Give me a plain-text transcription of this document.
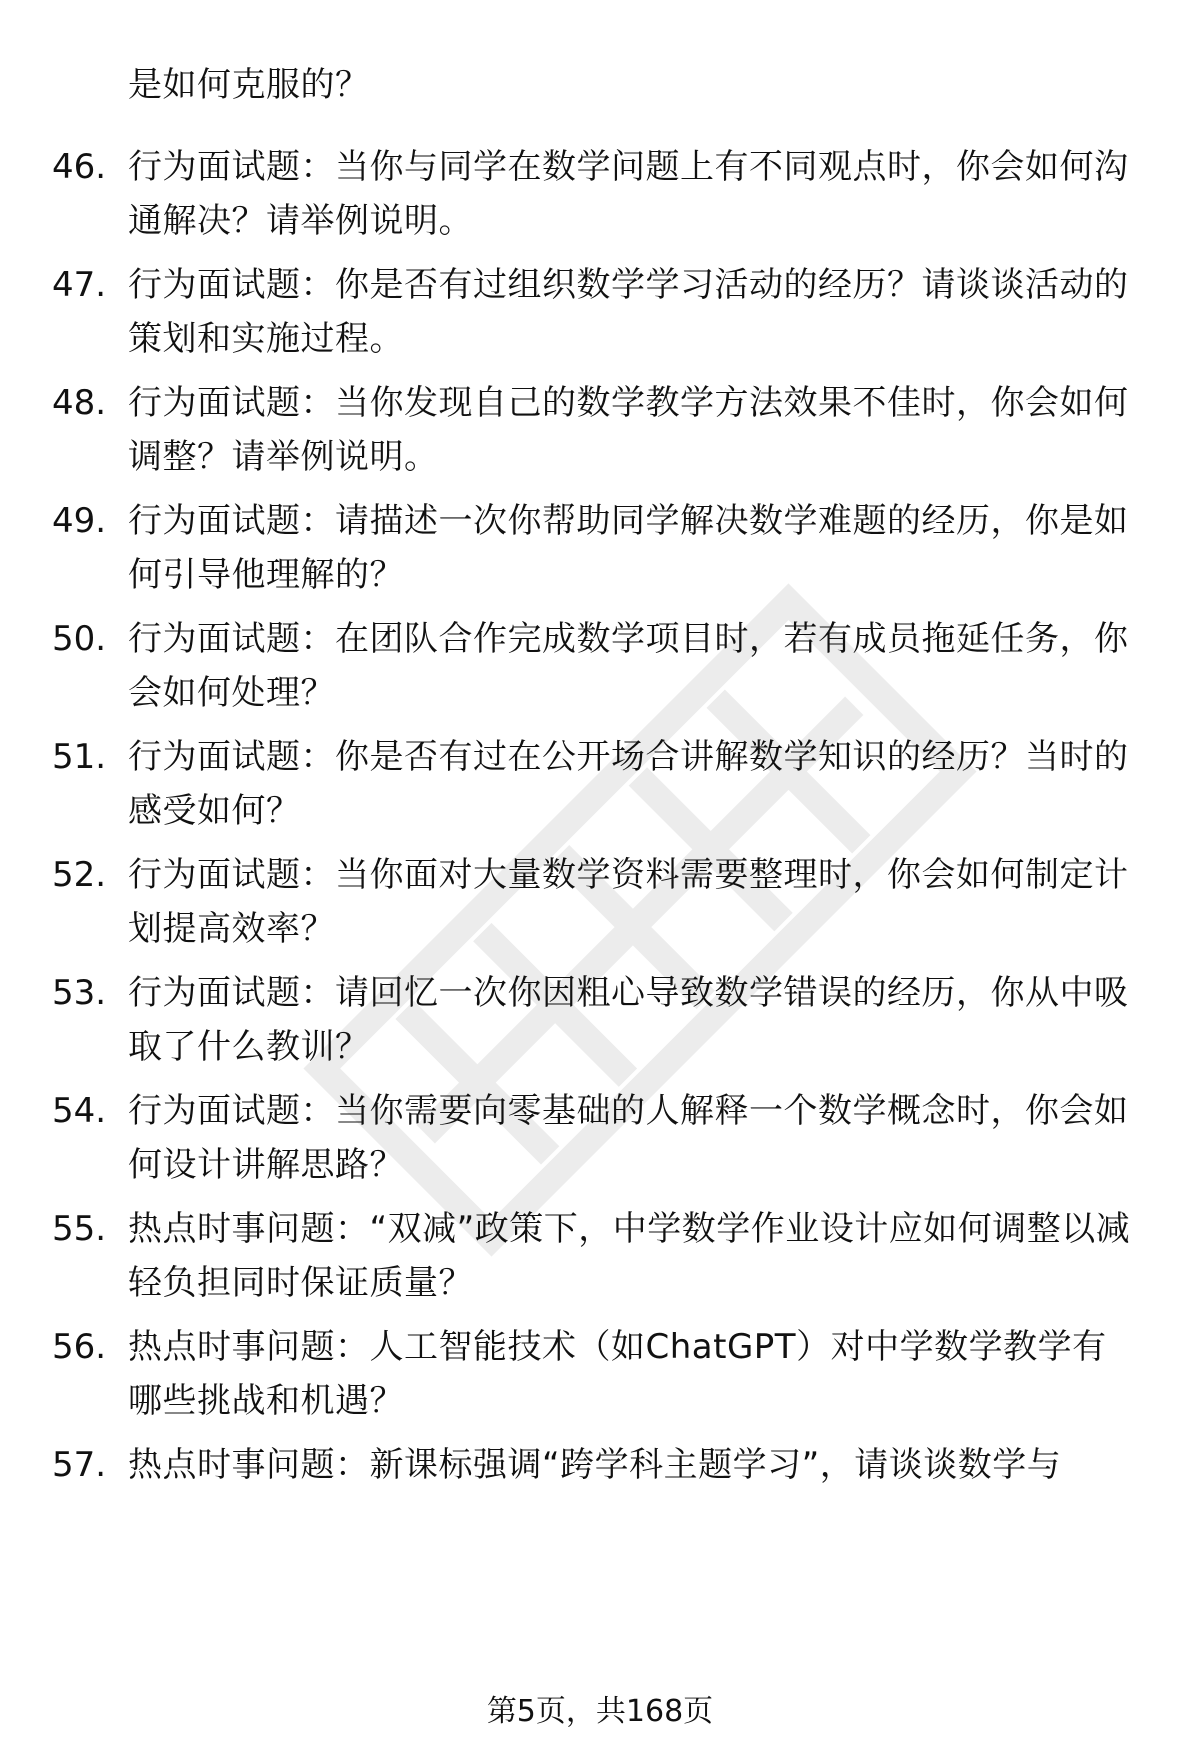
是如何克服的？
46. 行为面试题：当你与同学在数学问题上有不同观点时，你会如何沟通解决？请举例说明。
47. 行为面试题：你是否有过组织数学学习活动的经历？请谈谈活动的策划和实施过程。
48. 行为面试题：当你发现自己的数学教学方法效果不佳时，你会如何调整？请举例说明。
49. 行为面试题：请描述一次你帮助同学解决数学难题的经历，你是如何引导他理解的？
50. 行为面试题：在团队合作完成数学项目时，若有成员拖延任务，你会如何处理？
51. 行为面试题：你是否有过在公开场合讲解数学知识的经历？当时的感受如何？
52. 行为面试题：当你面对大量数学资料需要整理时，你会如何制定计划提高效率？
53. 行为面试题：请回忆一次你因粗心导致数学错误的经历，你从中吸取了什么教训？
54. 行为面试题：当你需要向零基础的人解释一个数学概念时，你会如何设计讲解思路？
55. 热点时事问题：“双减”政策下，中学数学作业设计应如何调整以减轻负担同时保证质量？
56. 热点时事问题：人工智能技术（如ChatGPT）对中学数学教学有哪些挑战和机遇？
57. 热点时事问题：新课标强调“跨学科主题学习”，请谈谈数学与
第5页，共168页
